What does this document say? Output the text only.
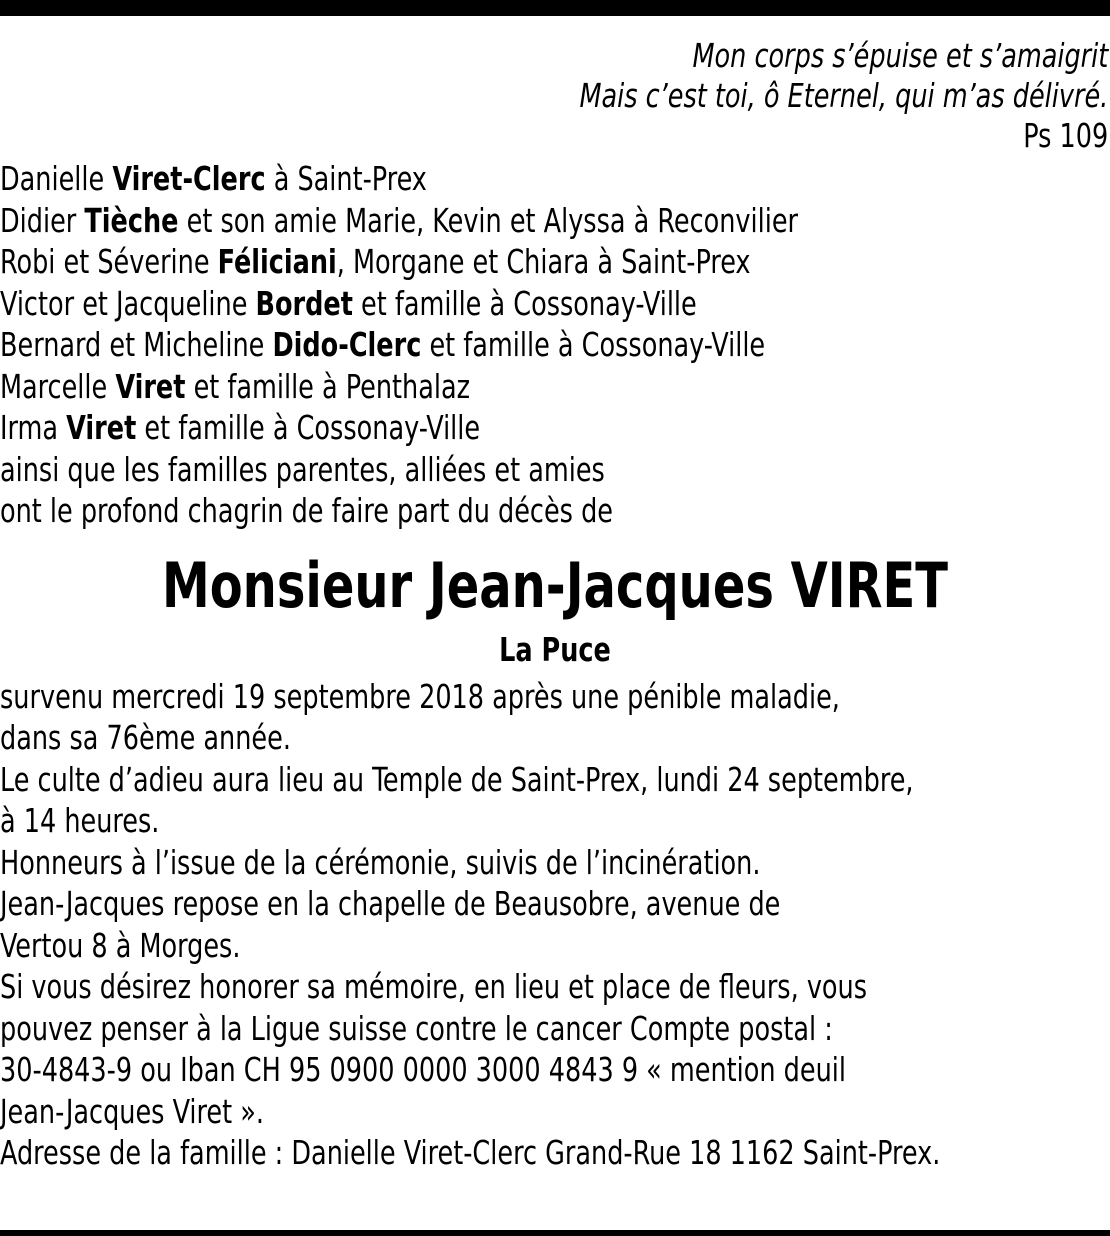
Mon corps s’épuise et s’amaigrit
Mais c’est toi, ô Eternel, qui m’as délivré.
Ps 109
Danielle Viret-Clerc à Saint-Prex
Didier Tièche et son amie Marie, Kevin et Alyssa à Reconvilier
Robi et Séverine Féliciani, Morgane et Chiara à Saint-Prex
Victor et Jacqueline Bordet et famille à Cossonay-Ville
Bernard et Micheline Dido-Clerc et famille à Cossonay-Ville
Marcelle Viret et famille à Penthalaz
Irma Viret et famille à Cossonay-Ville
ainsi que les familles parentes, alliées et amies
ont le profond chagrin de faire part du décès de
Monsieur Jean-Jacques VIRET
La Puce
survenu mercredi 19 septembre 2018 après une pénible maladie,
dans sa 76ème année.
Le culte d’adieu aura lieu au Temple de Saint-Prex, lundi 24 septembre,
à 14 heures.
Honneurs à l’issue de la cérémonie, suivis de l’incinération.
Jean-Jacques repose en la chapelle de Beausobre, avenue de
Vertou 8 à Morges.
Si vous désirez honorer sa mémoire, en lieu et place de fleurs, vous
pouvez penser à la Ligue suisse contre le cancer Compte postal :
30-4843-9 ou Iban CH 95 0900 0000 3000 4843 9 « mention deuil
Jean-Jacques Viret ».
Adresse de la famille : Danielle Viret-Clerc Grand-Rue 18 1162 Saint-Prex.
